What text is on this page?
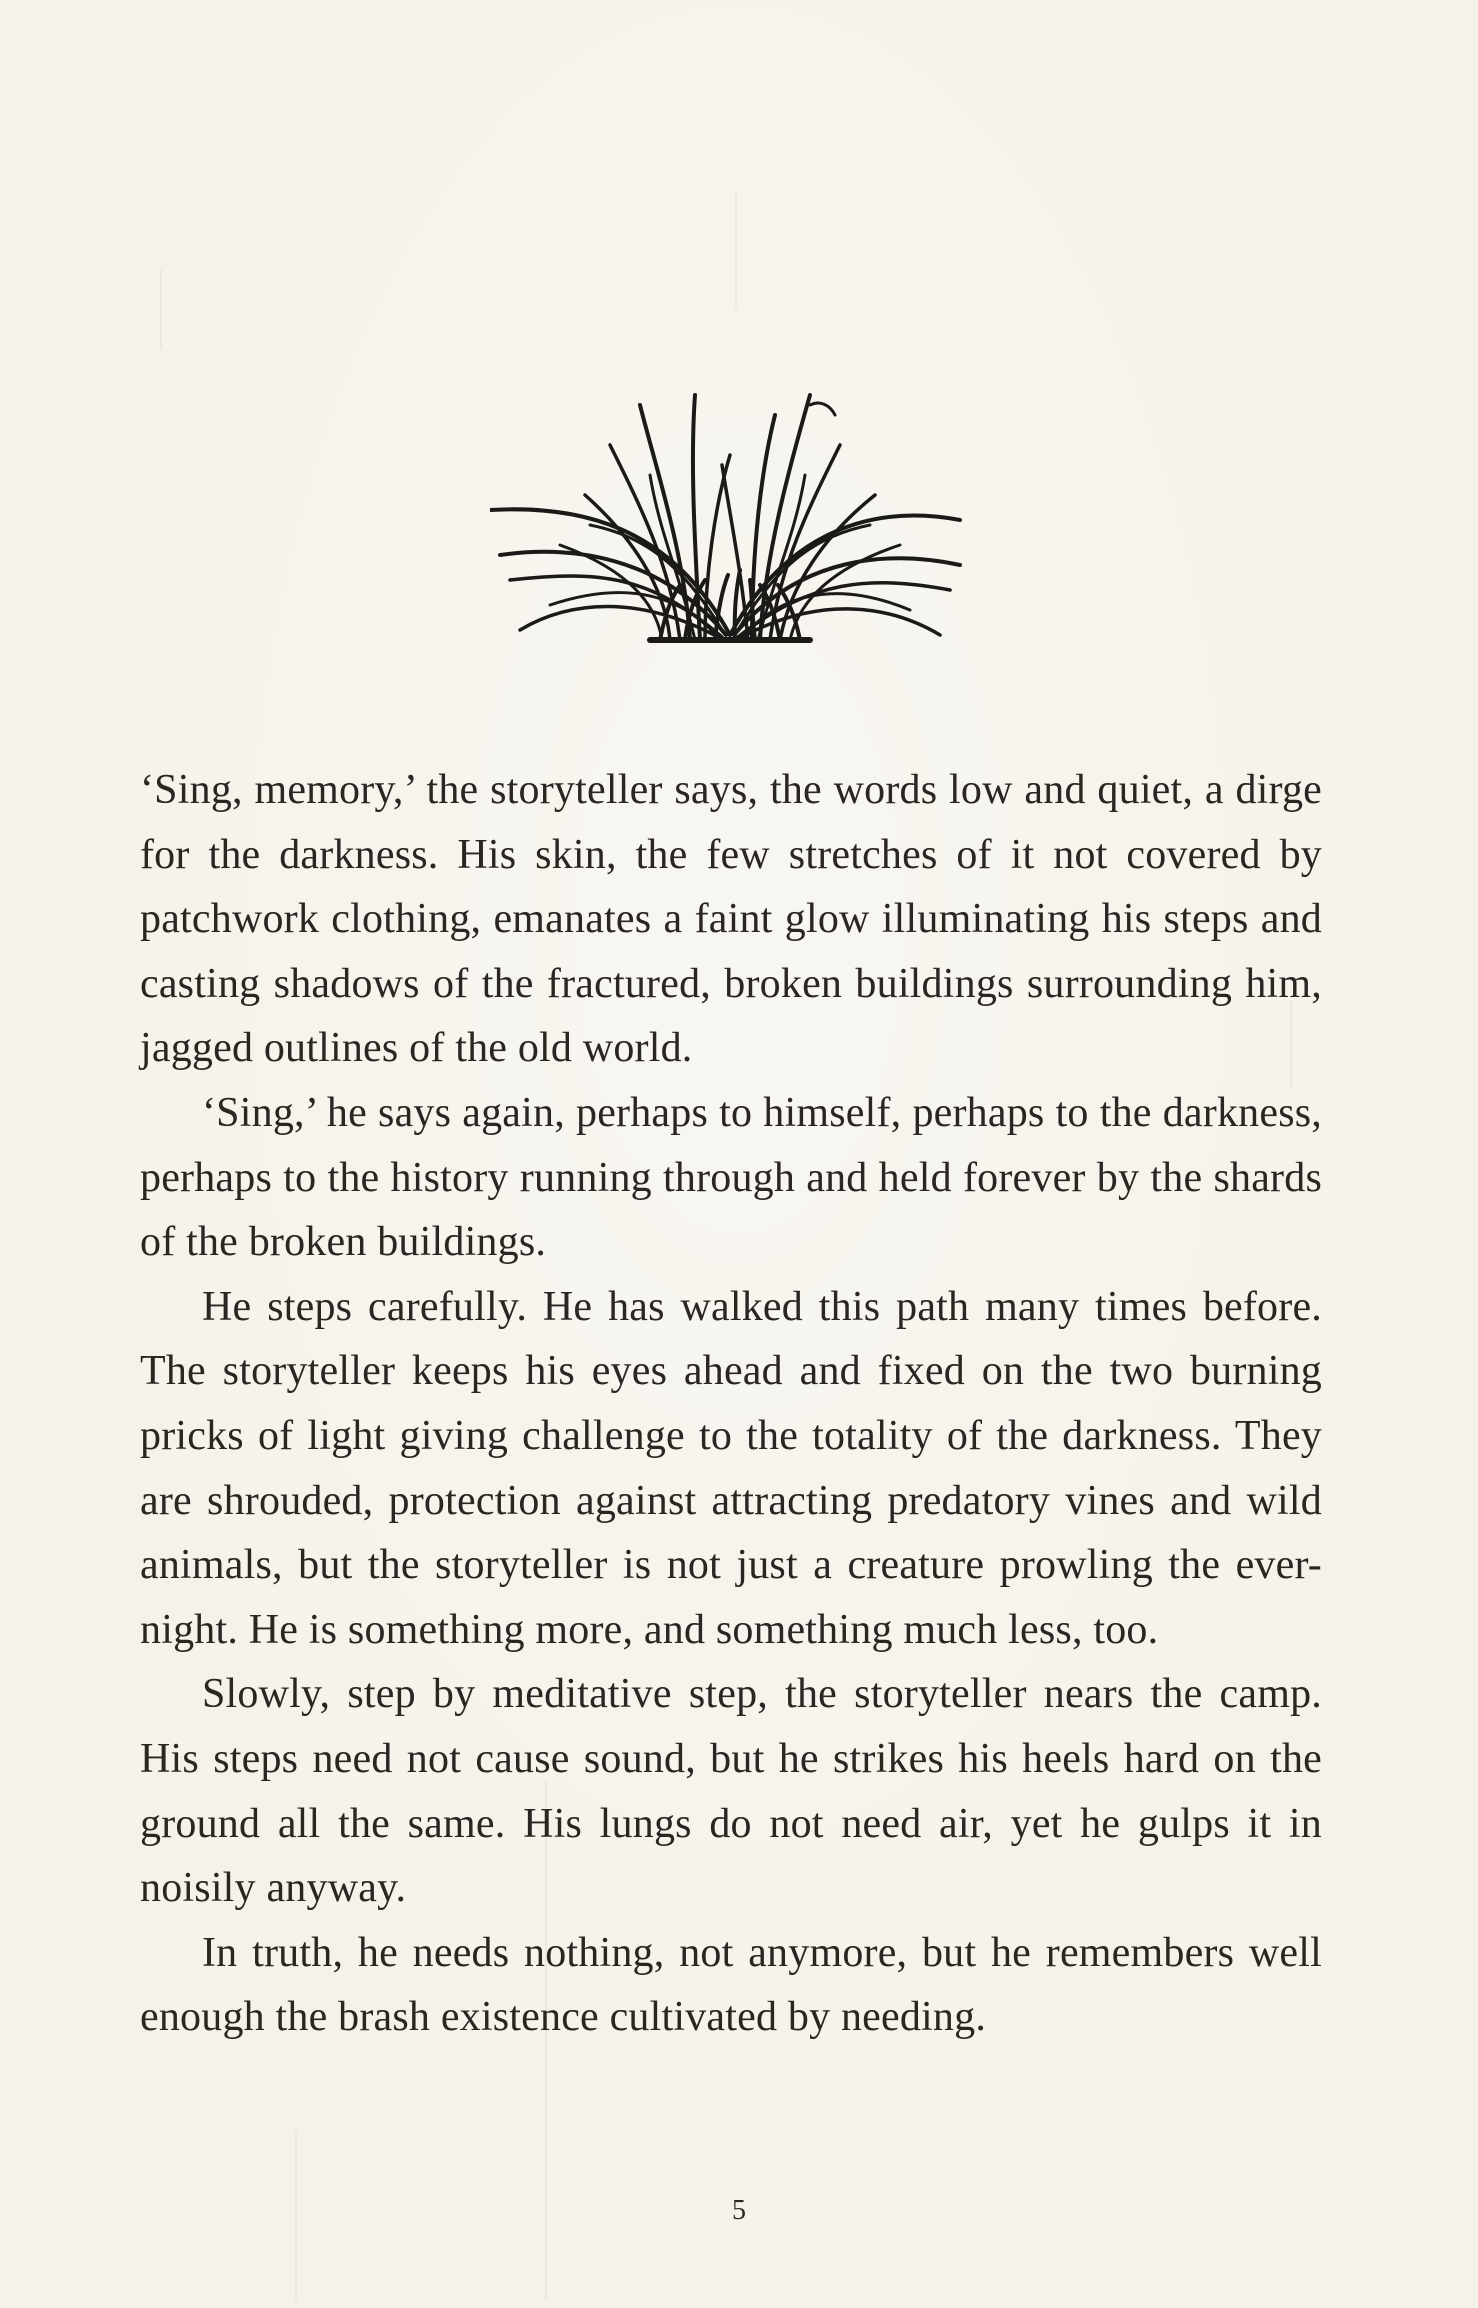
‘Sing, memory,’ the storyteller says, the words low and quiet, a dirge for the darkness. His skin, the few stretches of it not covered by patchwork clothing, emanates a faint glow illuminating his steps and casting shadows of the fractured, broken buildings surrounding him, jagged outlines of the old world.

‘Sing,’ he says again, perhaps to himself, perhaps to the darkness, perhaps to the history running through and held forever by the shards of the broken buildings.

He steps carefully. He has walked this path many times before. The storyteller keeps his eyes ahead and fixed on the two burning pricks of light giving challenge to the totality of the darkness. They are shrouded, protection against attracting predatory vines and wild animals, but the storyteller is not just a creature prowling the ever-night. He is something more, and something much less, too.

Slowly, step by meditative step, the storyteller nears the camp. His steps need not cause sound, but he strikes his heels hard on the ground all the same. His lungs do not need air, yet he gulps it in noisily anyway.

In truth, he needs nothing, not anymore, but he remembers well enough the brash existence cultivated by needing.

5
